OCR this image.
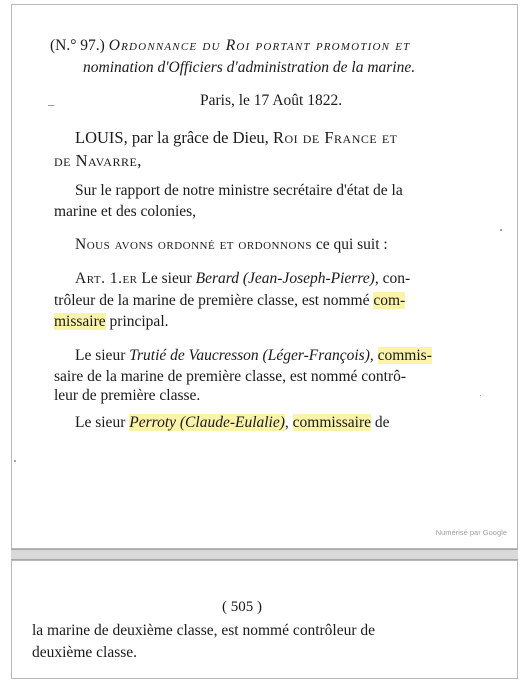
(N.° 97.) Ordonnance du Roi portant promotion et
nomination d'Officiers d'administration de la marine.
Paris, le 17 Août 1822.
LOUIS, par la grâce de Dieu, Roi de France et
de Navarre,
Sur le rapport de notre ministre secrétaire d'état de la
marine et des colonies,
Nous avons ordonné et ordonnons ce qui suit :
Art. 1.er Le sieur Berard (Jean-Joseph-Pierre), con-
trôleur de la marine de première classe, est nommé com-
missaire principal.
Le sieur Trutié de Vaucresson (Léger-François), commis-
saire de la marine de première classe, est nommé contrô-
leur de première classe.
Le sieur Perroty (Claude-Eulalie), commissaire de
Numérisé par Google
( 505 )
la marine de deuxième classe, est nommé contrôleur de
deuxième classe.
